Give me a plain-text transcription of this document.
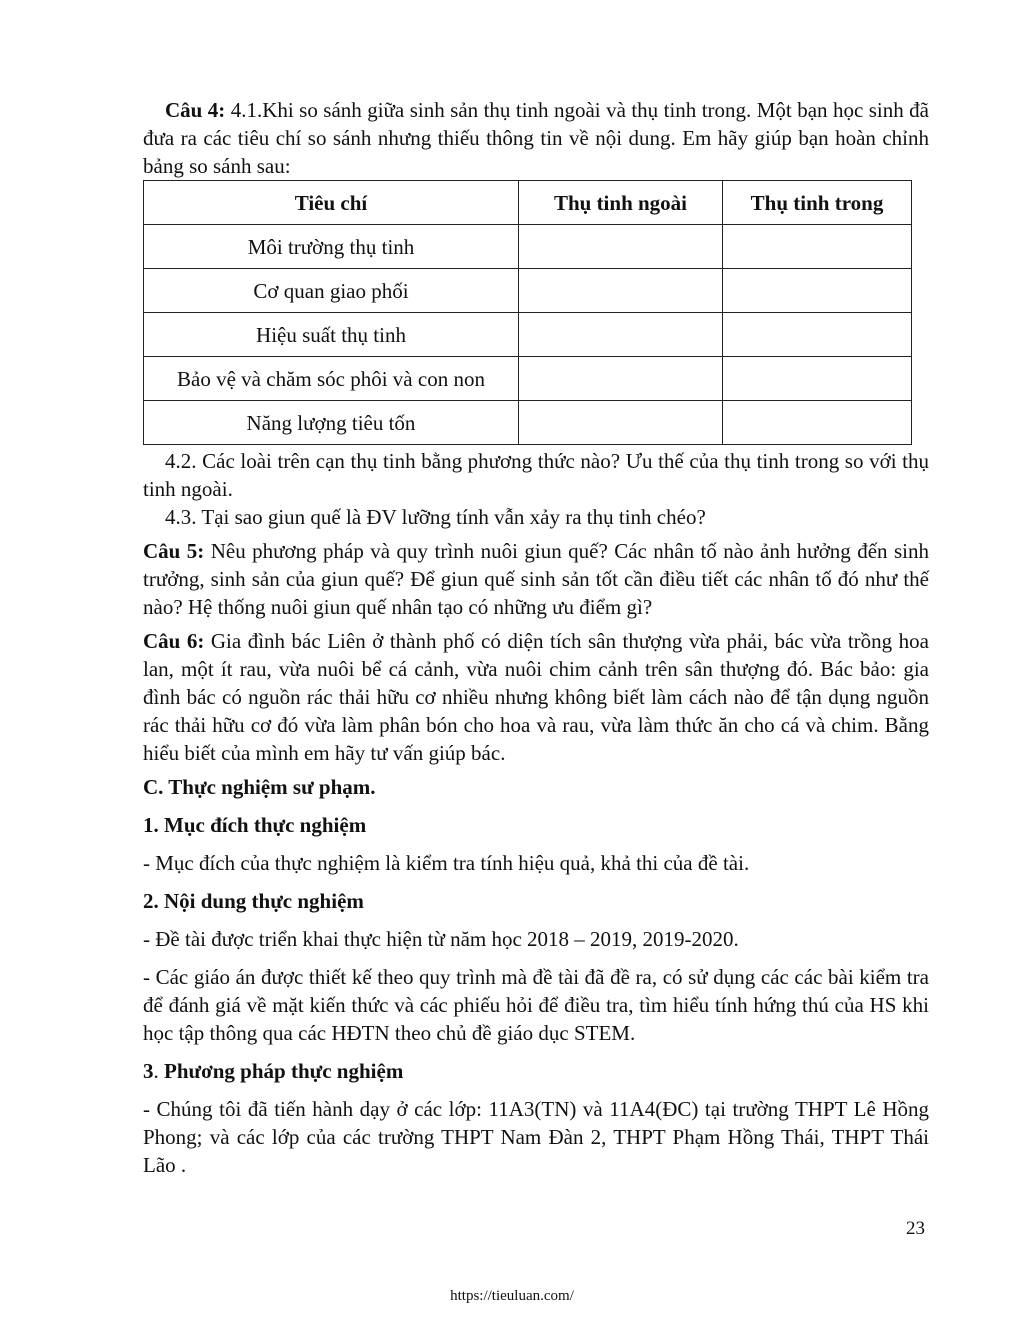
Câu 4: 4.1.Khi so sánh giữa sinh sản thụ tinh ngoài và thụ tinh trong. Một bạn học sinh đã đưa ra các tiêu chí so sánh nhưng thiếu thông tin về nội dung. Em hãy giúp bạn hoàn chỉnh bảng so sánh sau:

Tiêu chí	Thụ tinh ngoài	Thụ tinh trong
Môi trường thụ tinh		
Cơ quan giao phối		
Hiệu suất thụ tinh		
Bảo vệ và chăm sóc phôi và con non		
Năng lượng tiêu tốn		

4.2. Các loài trên cạn thụ tinh bằng phương thức nào? Ưu thế của thụ tinh trong so với thụ tinh ngoài.

4.3. Tại sao giun quế là ĐV lưỡng tính vẫn xảy ra thụ tinh chéo?

Câu 5: Nêu phương pháp và quy trình nuôi giun quế? Các nhân tố nào ảnh hưởng đến sinh trưởng, sinh sản của giun quế? Để giun quế sinh sản tốt cần điều tiết các nhân tố đó như thế nào? Hệ thống nuôi giun quế nhân tạo có những ưu điểm gì?

Câu 6: Gia đình bác Liên ở thành phố có diện tích sân thượng vừa phải, bác vừa trồng hoa lan, một ít rau, vừa nuôi bể cá cảnh, vừa nuôi chim cảnh trên sân thượng đó. Bác bảo: gia đình bác có nguồn rác thải hữu cơ nhiều nhưng không biết làm cách nào để tận dụng nguồn rác thải hữu cơ đó vừa làm phân bón cho hoa và rau, vừa làm thức ăn cho cá và chim. Bằng hiểu biết của mình em hãy tư vấn giúp bác.

C. Thực nghiệm sư phạm.

1. Mục đích thực nghiệm

- Mục đích của thực nghiệm là kiểm tra tính hiệu quả, khả thi của đề tài.

2. Nội dung thực nghiệm

- Đề tài được triển khai thực hiện từ năm học 2018 – 2019, 2019-2020.

- Các giáo án được thiết kế theo quy trình mà đề tài đã đề ra, có sử dụng các các bài kiểm tra để đánh giá về mặt kiến thức và các phiếu hỏi để điều tra, tìm hiểu tính hứng thú của HS khi học tập thông qua các HĐTN theo chủ đề giáo dục STEM.

3. Phương pháp thực nghiệm

- Chúng tôi đã tiến hành dạy ở các lớp: 11A3(TN) và 11A4(ĐC) tại trường THPT Lê Hồng Phong; và các lớp của các trường THPT Nam Đàn 2, THPT Phạm Hồng Thái, THPT Thái Lão .

23
https://tieuluan.com/
